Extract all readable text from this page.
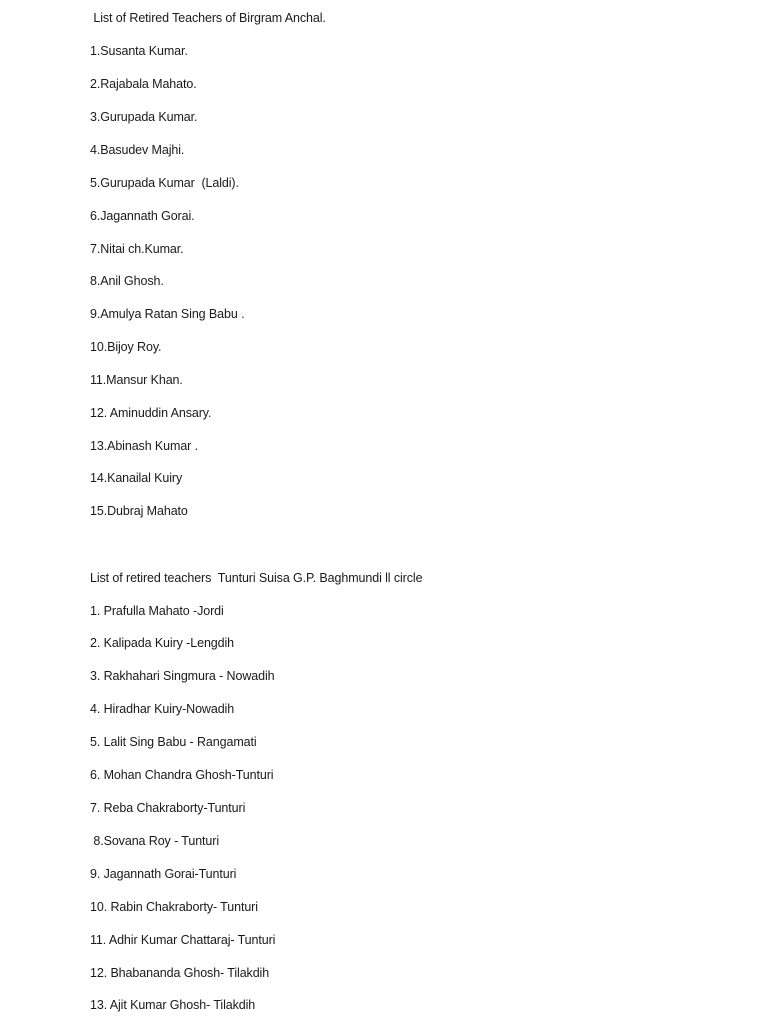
List of Retired Teachers of Birgram Anchal.
1.Susanta Kumar.
2.Rajabala Mahato.
3.Gurupada Kumar.
4.Basudev Majhi.
5.Gurupada Kumar  (Laldi).
6.Jagannath Gorai.
7.Nitai ch.Kumar.
8.Anil Ghosh.
9.Amulya Ratan Sing Babu .
10.Bijoy Roy.
11.Mansur Khan.
12. Aminuddin Ansary.
13.Abinash Kumar .
14.Kanailal Kuiry
15.Dubraj Mahato
List of retired teachers  Tunturi Suisa G.P. Baghmundi ll circle
1. Prafulla Mahato -Jordi
2. Kalipada Kuiry -Lengdih
3. Rakhahari Singmura - Nowadih
4. Hiradhar Kuiry-Nowadih
5. Lalit Sing Babu - Rangamati
6. Mohan Chandra Ghosh-Tunturi
7. Reba Chakraborty-Tunturi
8.Sovana Roy - Tunturi
9. Jagannath Gorai-Tunturi
10. Rabin Chakraborty- Tunturi
11. Adhir Kumar Chattaraj- Tunturi
12. Bhabananda Ghosh- Tilakdih
13. Ajit Kumar Ghosh- Tilakdih
